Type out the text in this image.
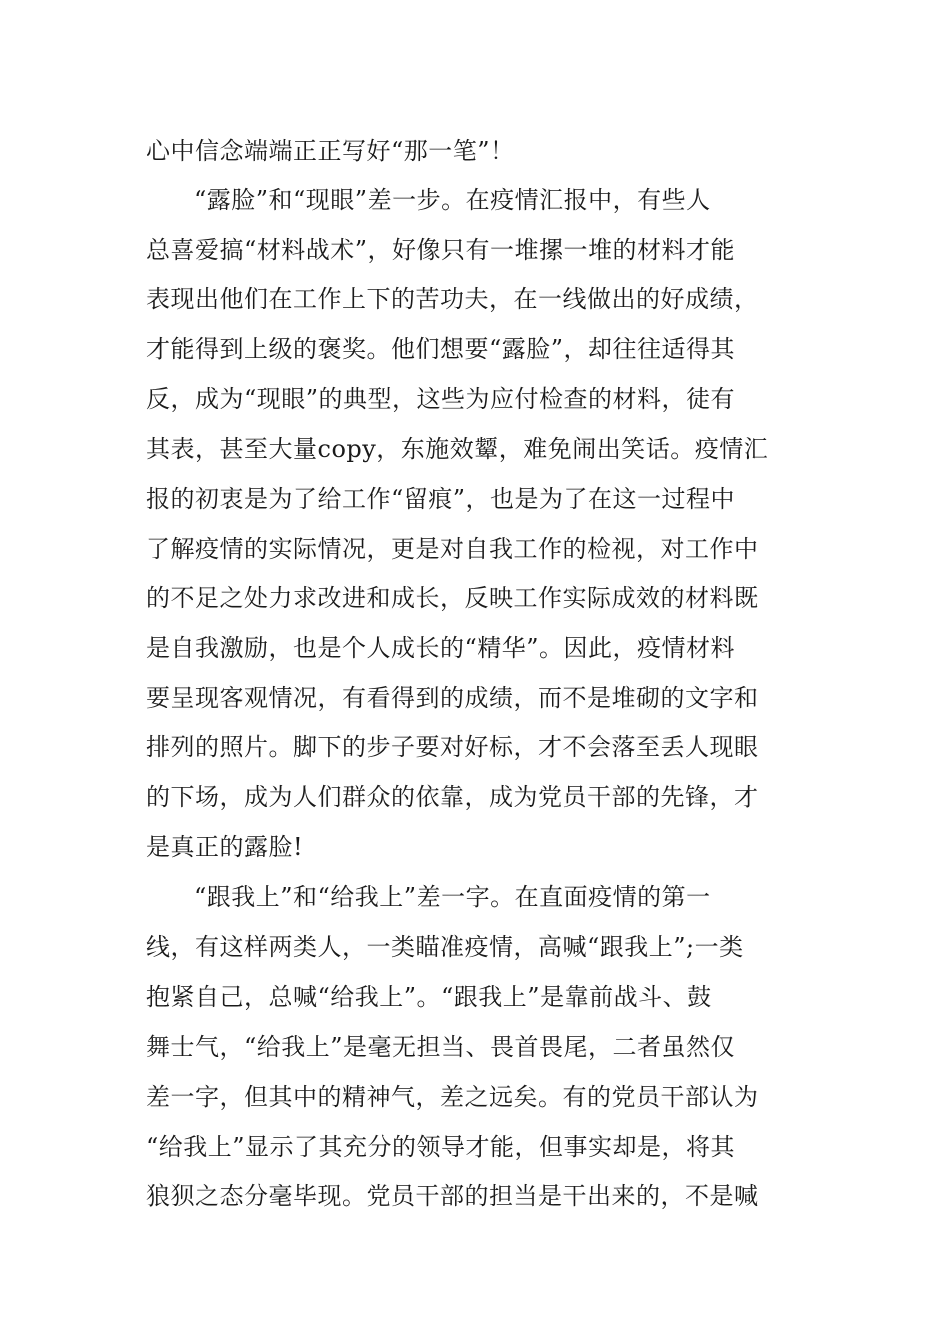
心中信念端端正正写好“那一笔”！
“露脸”和“现眼”差一步。在疫情汇报中，有些人
总喜爱搞“材料战术”，好像只有一堆摞一堆的材料才能
表现出他们在工作上下的苦功夫，在一线做出的好成绩，
才能得到上级的褒奖。他们想要“露脸”，却往往适得其
反，成为“现眼”的典型，这些为应付检查的材料，徒有
其表，甚至大量copy，东施效颦，难免闹出笑话。疫情汇
报的初衷是为了给工作“留痕”，也是为了在这一过程中
了解疫情的实际情况，更是对自我工作的检视，对工作中
的不足之处力求改进和成长，反映工作实际成效的材料既
是自我激励，也是个人成长的“精华”。因此，疫情材料
要呈现客观情况，有看得到的成绩，而不是堆砌的文字和
排列的照片。脚下的步子要对好标，才不会落至丢人现眼
的下场，成为人们群众的依靠，成为党员干部的先锋，才
是真正的露脸!
“跟我上”和“给我上”差一字。在直面疫情的第一
线，有这样两类人，一类瞄准疫情，高喊“跟我上”;一类
抱紧自己，总喊“给我上”。“跟我上”是靠前战斗、鼓
舞士气，“给我上”是毫无担当、畏首畏尾，二者虽然仅
差一字，但其中的精神气，差之远矣。有的党员干部认为
“给我上”显示了其充分的领导才能，但事实却是，将其
狼狈之态分毫毕现。党员干部的担当是干出来的，不是喊
